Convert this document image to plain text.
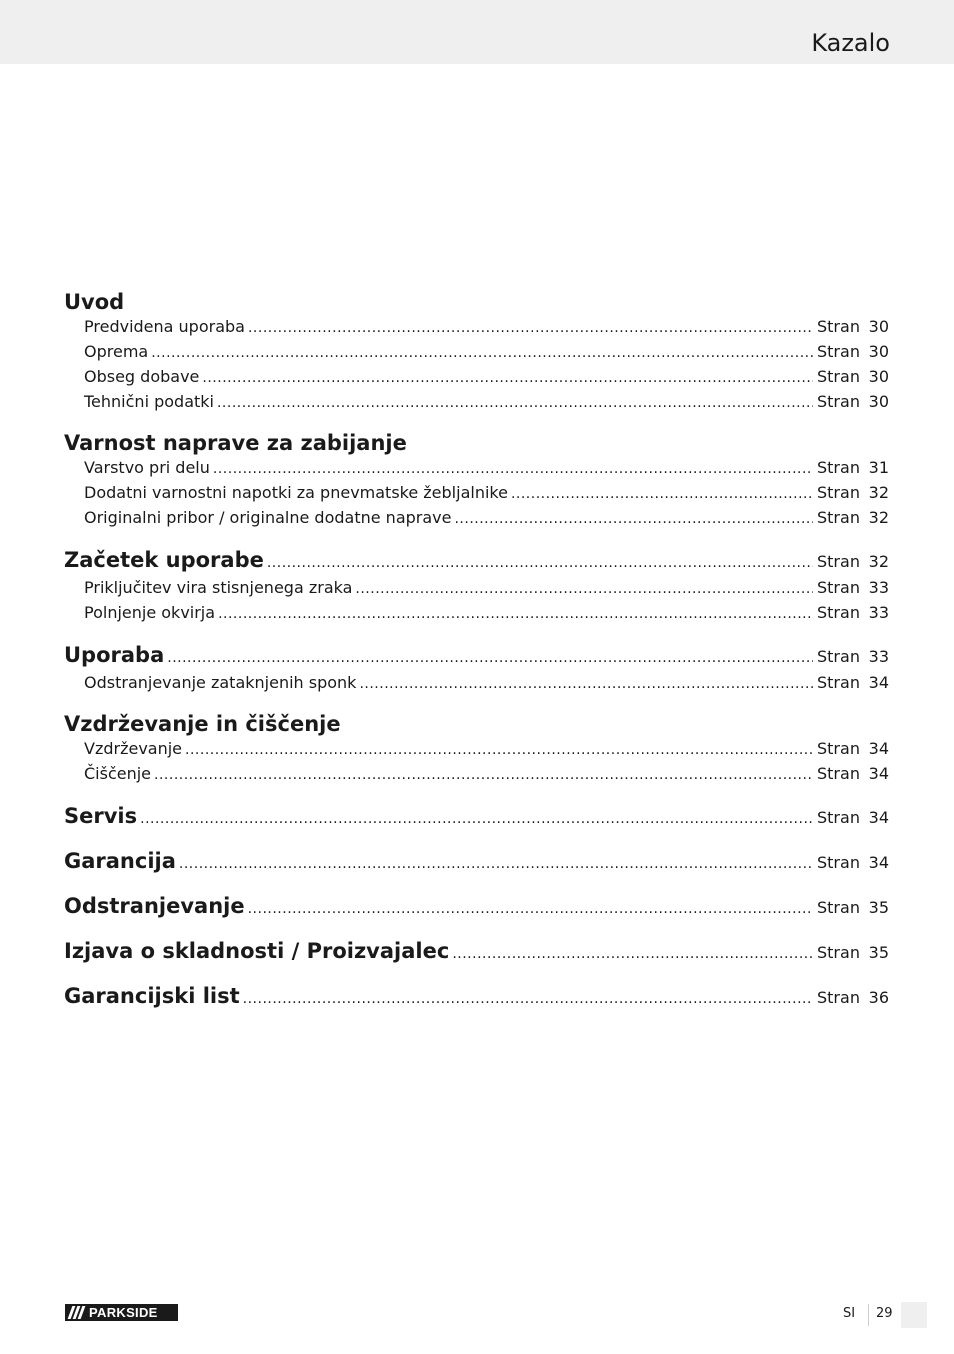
Kazalo
Uvod
Predvidena uporaba .....	Stran 30
Oprema .....	Stran 30
Obseg dobave .....	Stran 30
Tehnični podatki .....	Stran 30
Varnost naprave za zabijanje
Varstvo pri delu .....	Stran 31
Dodatni varnostni napotki za pnevmatske žebljalnike .....	Stran 32
Originalni pribor / originalne dodatne naprave .....	Stran 32
Začetek uporabe .....	Stran 32
Priključitev vira stisnjenega zraka .....	Stran 33
Polnjenje okvirja .....	Stran 33
Uporaba .....	Stran 33
Odstranjevanje zataknjenih sponk .....	Stran 34
Vzdrževanje in čiščenje
Vzdrževanje .....	Stran 34
Čiščenje .....	Stran 34
Servis .....	Stran 34
Garancija .....	Stran 34
Odstranjevanje .....	Stran 35
Izjava o skladnosti / Proizvajalec .....	Stran 35
Garancijski list .....	Stran 36
PARKSIDE	SI 29
